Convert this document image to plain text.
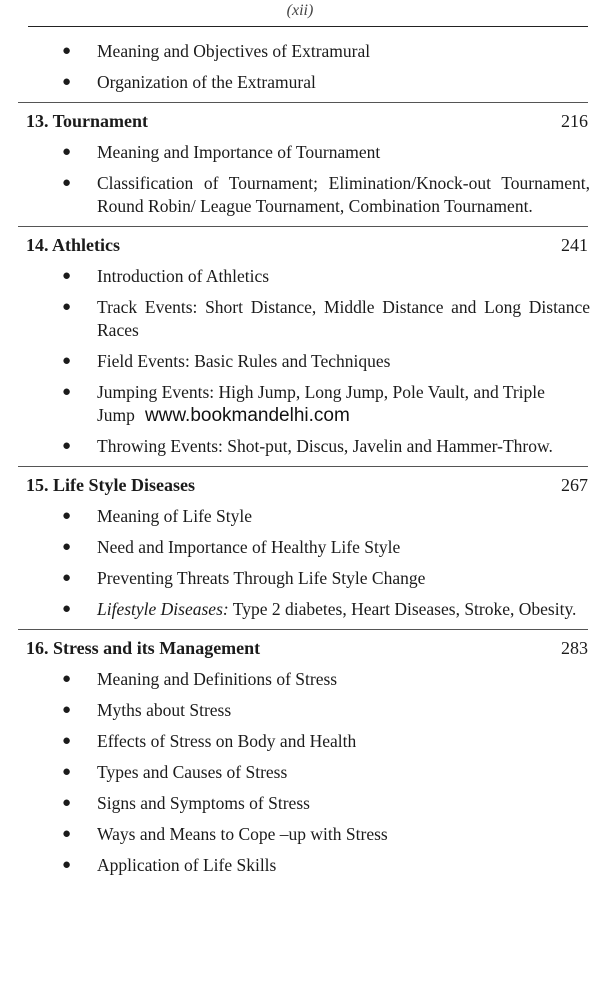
(xii)
● Meaning and Objectives of Extramural
● Organization of the Extramural
13. Tournament	216
● Meaning and Importance of Tournament
● Classification of Tournament; Elimination/Knock-out Tournament, Round Robin/ League Tournament, Combination Tournament.
14. Athletics	241
● Introduction of Athletics
● Track Events: Short Distance, Middle Distance and Long Distance Races
● Field Events: Basic Rules and Techniques
● Jumping Events: High Jump, Long Jump, Pole Vault, and Triple Jump www.bookmandelhi.com
● Throwing Events: Shot-put, Discus, Javelin and Hammer-Throw.
15. Life Style Diseases	267
● Meaning of Life Style
● Need and Importance of Healthy Life Style
● Preventing Threats Through Life Style Change
● Lifestyle Diseases: Type 2 diabetes, Heart Diseases, Stroke, Obesity.
16. Stress and its Management	283
● Meaning and Definitions of Stress
● Myths about Stress
● Effects of Stress on Body and Health
● Types and Causes of Stress
● Signs and Symptoms of Stress
● Ways and Means to Cope –up with Stress
● Application of Life Skills
